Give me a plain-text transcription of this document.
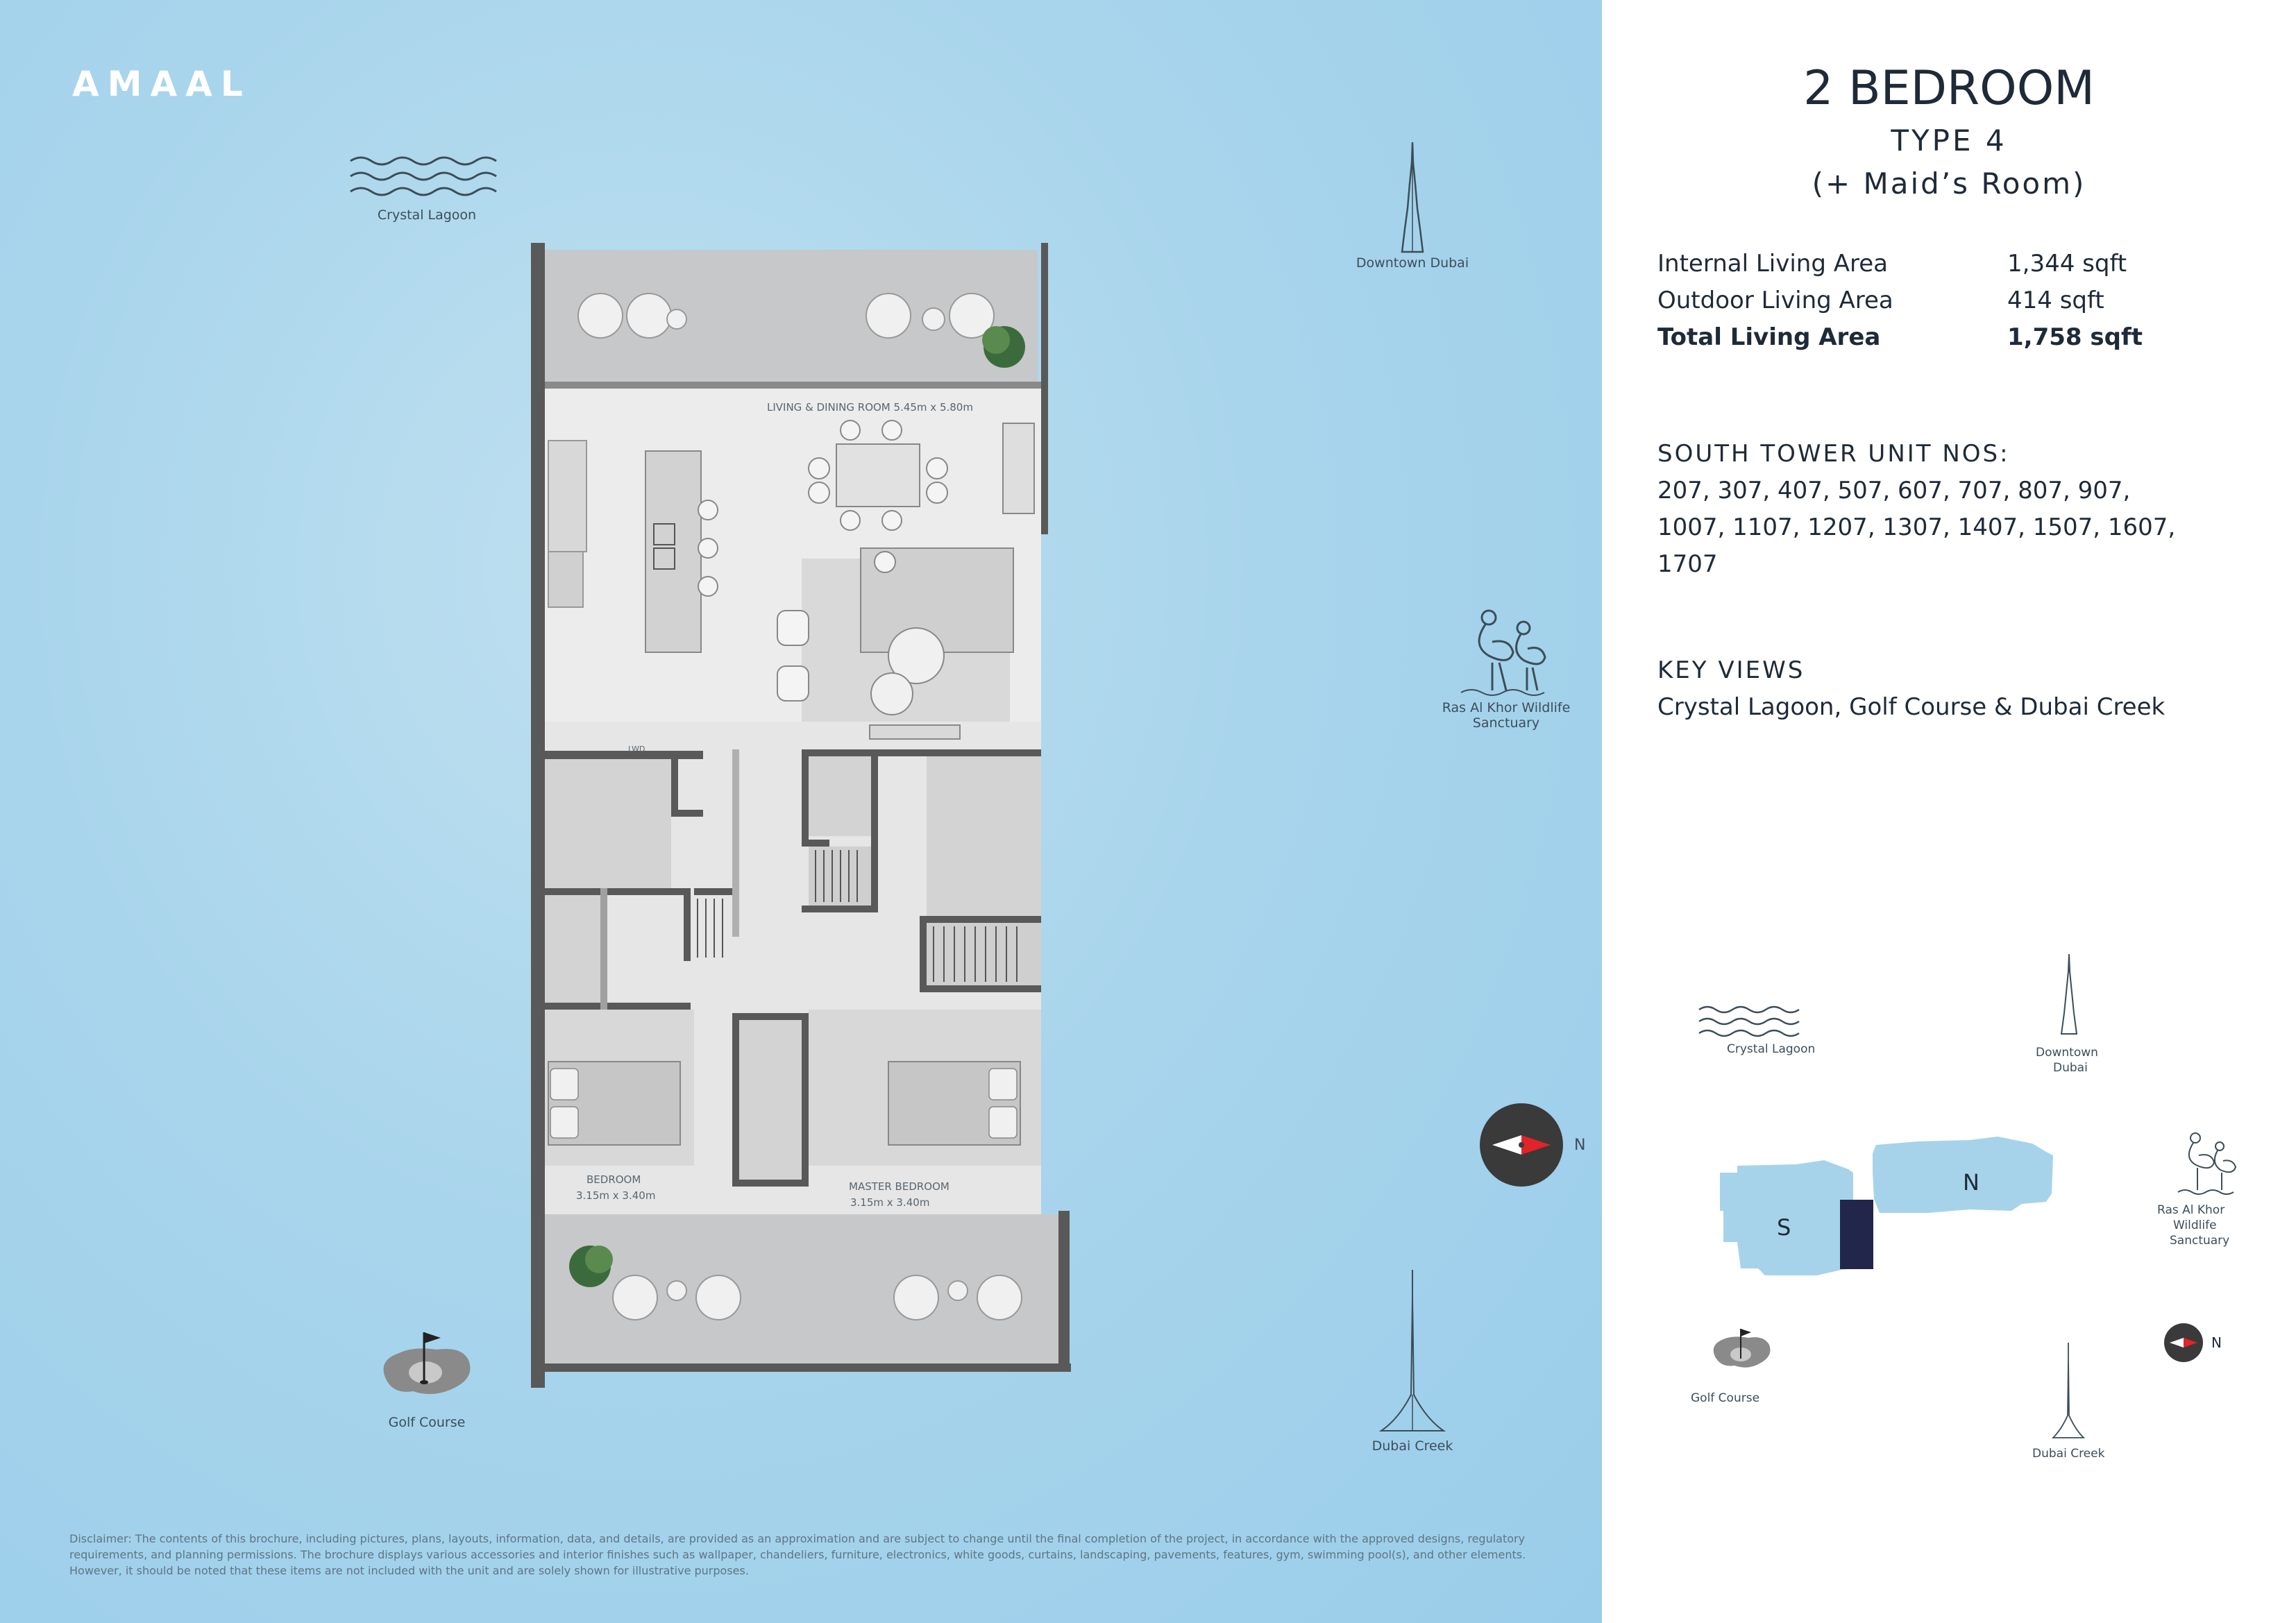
AMAAL
Crystal Lagoon
Downtown Dubai
Ras Al Khor Wildlife
Sanctuary
Golf Course
Dubai Creek
N
LIVING & DINING ROOM 5.45m x 5.80m
LWD
BEDROOM
3.15m x 3.40m
MASTER BEDROOM
3.15m x 3.40m
Disclaimer: The contents of this brochure, including pictures, plans, layouts, information, data, and details, are provided as an approximation and are subject to change until the final completion of the project, in accordance with the approved designs, regulatory
requirements, and planning permissions. The brochure displays various accessories and interior finishes such as wallpaper, chandeliers, furniture, electronics, white goods, curtains, landscaping, pavements, features, gym, swimming pool(s), and other elements.
However, it should be noted that these items are not included with the unit and are solely shown for illustrative purposes.
2 BEDROOM
TYPE 4
(+ Maid’s Room)
Internal Living Area	1,344 sqft
Outdoor Living Area	414 sqft
Total Living Area	1,758 sqft
SOUTH TOWER UNIT NOS:
207, 307, 407, 507, 607, 707, 807, 907,
1007, 1107, 1207, 1307, 1407, 1507, 1607,
1707
KEY VIEWS
Crystal Lagoon, Golf Course & Dubai Creek
Crystal Lagoon	Downtown
Dubai
Ras Al Khor
Wildlife
Sanctuary
S
N
Golf Course
Dubai Creek
N
